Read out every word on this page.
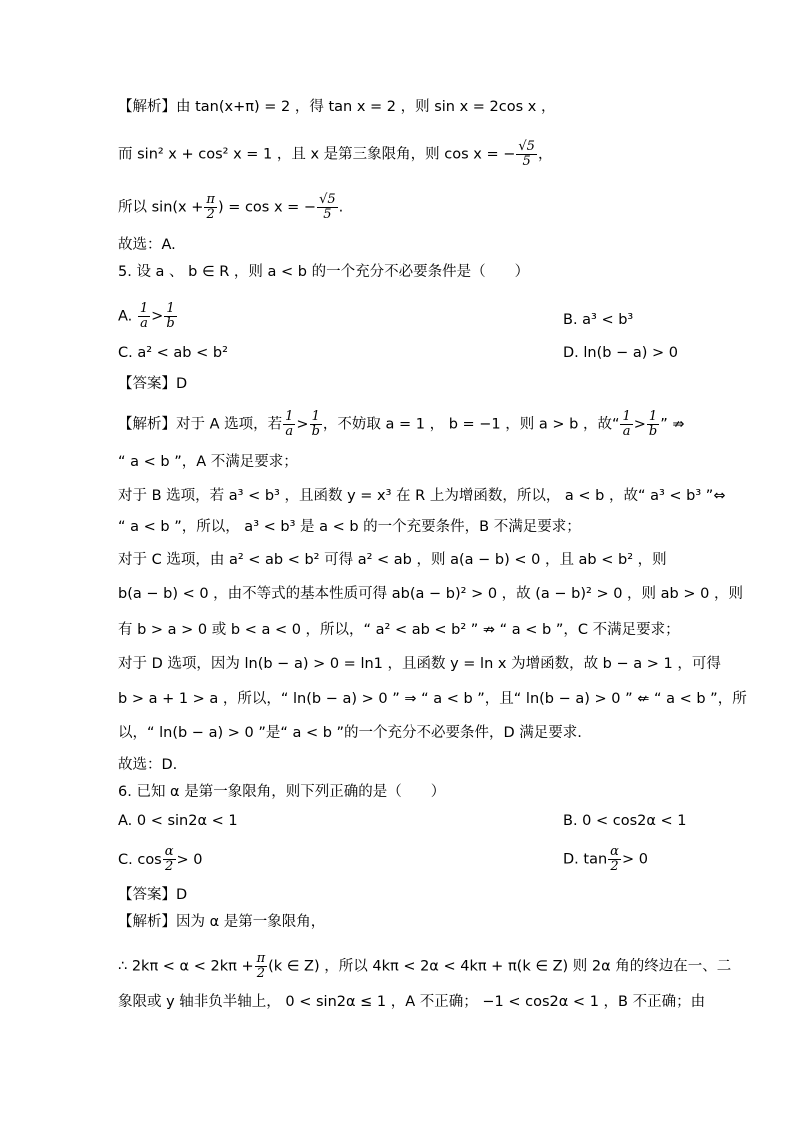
【解析】由 tan(x+π) = 2 ，得 tan x = 2 ，则 sin x = 2cos x ，
而 sin² x + cos² x = 1 ，且 x 是第三象限角，则 cos x = − $\frac{√5}{5}$ ，
所以 $\sin(x + \frac{\pi}{2}$ ) = cos x = − $\frac{√5}{5}$ .
故选：A.
5. 设 a 、 b ∈ R ，则 a < b 的一个充分不必要条件是（　　）
A. $\frac{1}{a} > \frac{1}{b}$	B. a³ < b³
C. a² < ab < b²	D. ln(b − a) > 0
【答案】D
【解析】对于 A 选项，若 $\frac{1}{a} > \frac{1}{b}$ ，不妨取 a = 1 ， b = −1 ，则 a > b ，故“ $\frac{1}{a} > \frac{1}{b}$ ” ⇏
“ a < b ”，A 不满足要求；
对于 B 选项，若 a³ < b³ ，且函数 y = x³ 在 R 上为增函数，所以， a < b ，故“ a³ < b³ ”⇔
“ a < b ”，所以， a³ < b³ 是 a < b 的一个充要条件，B 不满足要求；
对于 C 选项，由 a² < ab < b² 可得 a² < ab ，则 a(a − b) < 0 ，且 ab < b² ，则
b(a − b) < 0 ，由不等式的基本性质可得 ab(a − b)² > 0 ，故 (a − b)² > 0 ，则 ab > 0 ，则
有 b > a > 0 或 b < a < 0 ，所以，“ a² < ab < b² ” ⇏ “ a < b ”，C 不满足要求；
对于 D 选项，因为 ln(b − a) > 0 = ln1 ，且函数 y = ln x 为增函数，故 b − a > 1 ，可得
b > a + 1 > a ，所以，“ ln(b − a) > 0 ” ⇒ “ a < b ”，且“ ln(b − a) > 0 ” ⇍ “ a < b ”，所
以，“ ln(b − a) > 0 ”是“ a < b ”的一个充分不必要条件，D 满足要求.
故选：D.
6. 已知 α 是第一象限角，则下列正确的是（　　）
A. 0 < sin2α < 1	B. 0 < cos2α < 1
C. $\cos \frac{\alpha}{2} > 0$	D. $\tan \frac{\alpha}{2} > 0$
【答案】D
【解析】因为 α 是第一象限角，
∴ $2k\pi < \alpha < 2k\pi + \frac{\pi}{2} (k$ ∈ Z) ，所以 4kπ < 2α < 4kπ + π(k ∈ Z) 则 2α 角的终边在一、二
象限或 y 轴非负半轴上， 0 < sin2α ≤ 1 ，A 不正确； −1 < cos2α < 1 ，B 不正确；由
